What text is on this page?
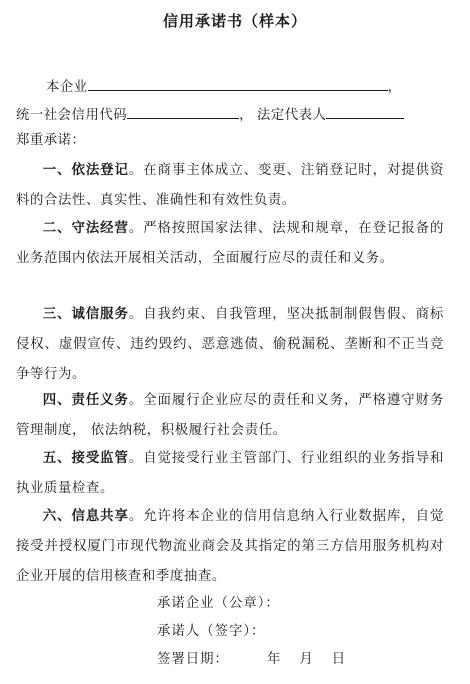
信用承诺书（样本）
本企业	，
统一社会信用代码	， 法定代表人
郑重承诺：
一、依法登记。在商事主体成立、变更、注销登记时，对提供资料的合法性、真实性、准确性和有效性负责。
二、守法经营。严格按照国家法律、法规和规章，在登记报备的业务范围内依法开展相关活动，全面履行应尽的责任和义务。
三、诚信服务。自我约束、自我管理，坚决抵制制假售假、商标侵权、虚假宣传、违约毁约、恶意逃债、偷税漏税、垄断和不正当竞争等行为。
四、责任义务。全面履行企业应尽的责任和义务，严格遵守财务管理制度， 依法纳税，积极履行社会责任。
五、接受监管。自觉接受行业主管部门、行业组织的业务指导和执业质量检查。
六、信息共享。允许将本企业的信用信息纳入行业数据库，自觉接受并授权厦门市现代物流业商会及其指定的第三方信用服务机构对企业开展的信用核查和季度抽查。
承诺企业（公章）：
承诺人（签字）：
签署日期：	年 月 日
